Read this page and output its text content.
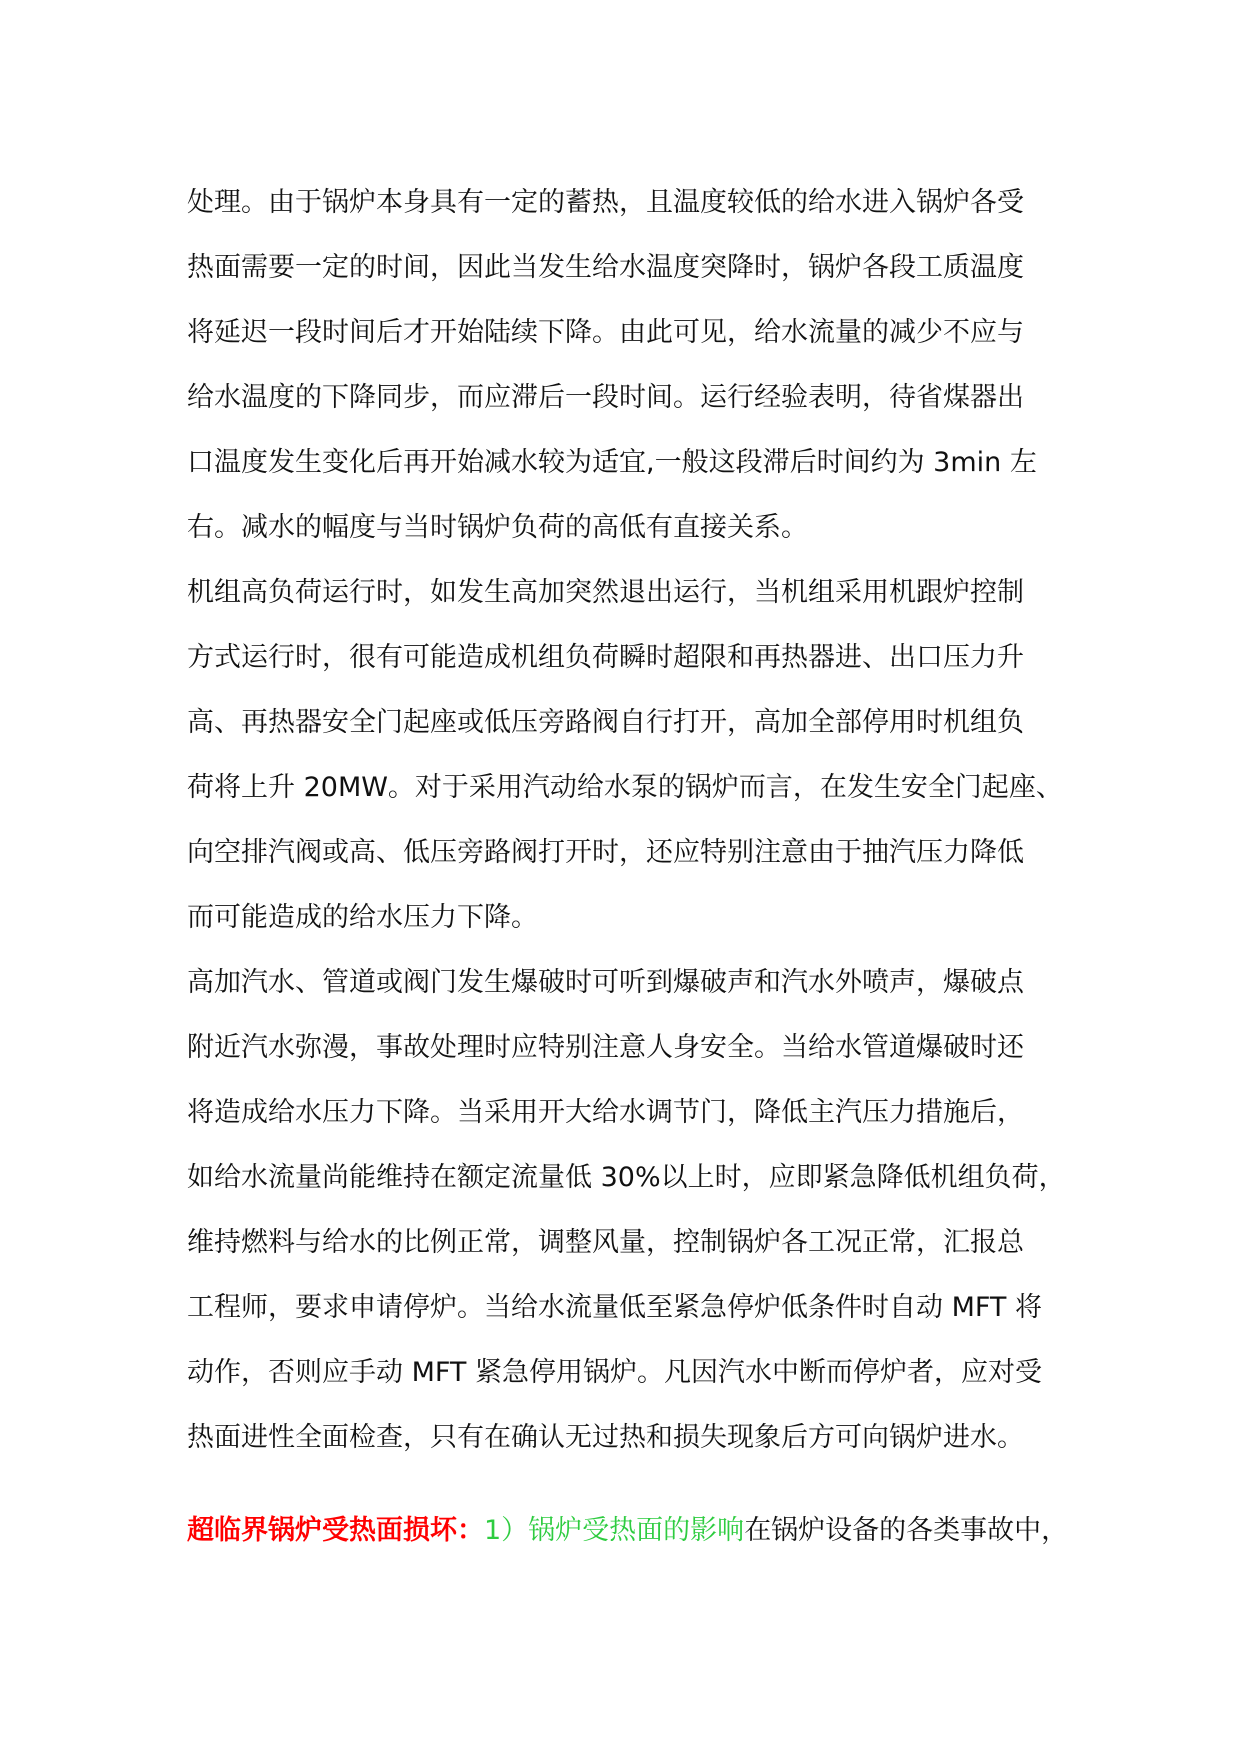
处理。由于锅炉本身具有一定的蓄热，且温度较低的给水进入锅炉各受
热面需要一定的时间，因此当发生给水温度突降时，锅炉各段工质温度
将延迟一段时间后才开始陆续下降。由此可见，给水流量的减少不应与
给水温度的下降同步，而应滞后一段时间。运行经验表明，待省煤器出
口温度发生变化后再开始减水较为适宜,一般这段滞后时间约为 3min 左
右。减水的幅度与当时锅炉负荷的高低有直接关系。
机组高负荷运行时，如发生高加突然退出运行，当机组采用机跟炉控制
方式运行时，很有可能造成机组负荷瞬时超限和再热器进、出口压力升
高、再热器安全门起座或低压旁路阀自行打开，高加全部停用时机组负
荷将上升 20MW。对于采用汽动给水泵的锅炉而言，在发生安全门起座、
向空排汽阀或高、低压旁路阀打开时，还应特别注意由于抽汽压力降低
而可能造成的给水压力下降。
高加汽水、管道或阀门发生爆破时可听到爆破声和汽水外喷声，爆破点
附近汽水弥漫，事故处理时应特别注意人身安全。当给水管道爆破时还
将造成给水压力下降。当采用开大给水调节门，降低主汽压力措施后，
如给水流量尚能维持在额定流量低 30%以上时，应即紧急降低机组负荷，
维持燃料与给水的比例正常，调整风量，控制锅炉各工况正常，汇报总
工程师，要求申请停炉。当给水流量低至紧急停炉低条件时自动 MFT 将
动作，否则应手动 MFT 紧急停用锅炉。凡因汽水中断而停炉者，应对受
热面进性全面检查，只有在确认无过热和损失现象后方可向锅炉进水。
超临界锅炉受热面损坏：1）锅炉受热面的影响在锅炉设备的各类事故中，
